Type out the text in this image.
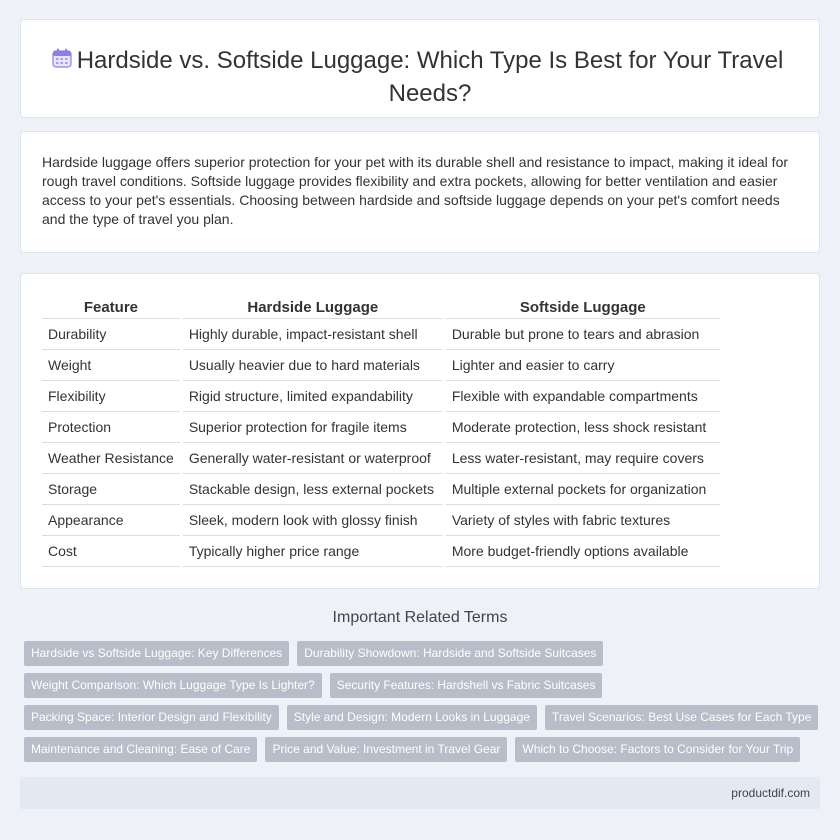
Hardside vs. Softside Luggage: Which Type Is Best for Your Travel Needs?

Hardside luggage offers superior protection for your pet with its durable shell and resistance to impact, making it ideal for rough travel conditions. Softside luggage provides flexibility and extra pockets, allowing for better ventilation and easier access to your pet's essentials. Choosing between hardside and softside luggage depends on your pet's comfort needs and the type of travel you plan.

Feature		Hardside Luggage		Softside Luggage
Durability		Highly durable, impact-resistant shell		Durable but prone to tears and abrasion
Weight		Usually heavier due to hard materials		Lighter and easier to carry
Flexibility		Rigid structure, limited expandability		Flexible with expandable compartments
Protection		Superior protection for fragile items		Moderate protection, less shock resistant
Weather Resistance		Generally water-resistant or waterproof		Less water-resistant, may require covers
Storage		Stackable design, less external pockets		Multiple external pockets for organization
Appearance		Sleek, modern look with glossy finish		Variety of styles with fabric textures
Cost		Typically higher price range		More budget-friendly options available
Important Related Terms
Hardside vs Softside Luggage: Key Differences	Durability Showdown: Hardside and Softside Suitcases
Weight Comparison: Which Luggage Type Is Lighter?	Security Features: Hardshell vs Fabric Suitcases
Packing Space: Interior Design and Flexibility	Style and Design: Modern Looks in Luggage	Travel Scenarios: Best Use Cases for Each Type
Maintenance and Cleaning: Ease of Care	Price and Value: Investment in Travel Gear	Which to Choose: Factors to Consider for Your Trip
productdif.com
